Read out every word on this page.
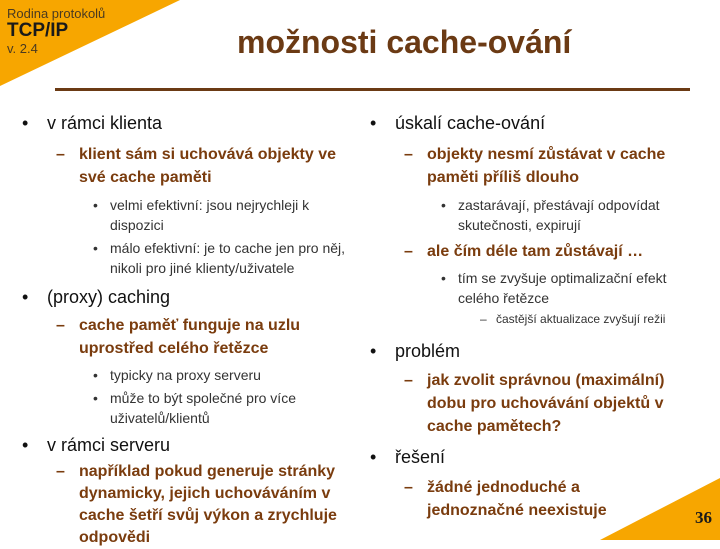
Rodina protokolů

TCP/IP

v. 2.4	možnosti cache-ování
• v rámci klienta
– klient sám si uchovává objekty ve své cache paměti
• velmi efektivní: jsou nejrychleji k dispozici
• málo efektivní: je to cache jen pro něj, nikoli pro jiné klienty/uživatele
• (proxy) caching
– cache paměť funguje na uzlu uprostřed celého řetězce
• typicky na proxy serveru
• může to být společné pro více uživatelů/klientů
• v rámci serveru
– například pokud generuje stránky dynamicky, jejich uchováváním v cache šetří svůj výkon a zrychluje odpovědi
• úskalí cache-ování
– objekty nesmí zůstávat v cache paměti příliš dlouho
• zastarávají, přestávají odpovídat skutečnosti, expirují
– ale čím déle tam zůstávají …
• tím se zvyšuje optimalizační efekt celého řetězce
– častější aktualizace zvyšují režii
• problém
– jak zvolit správnou (maximální) dobu pro uchovávání objektů v cache pamětech?
• řešení
– žádné jednoduché a jednoznačné neexistuje	36
